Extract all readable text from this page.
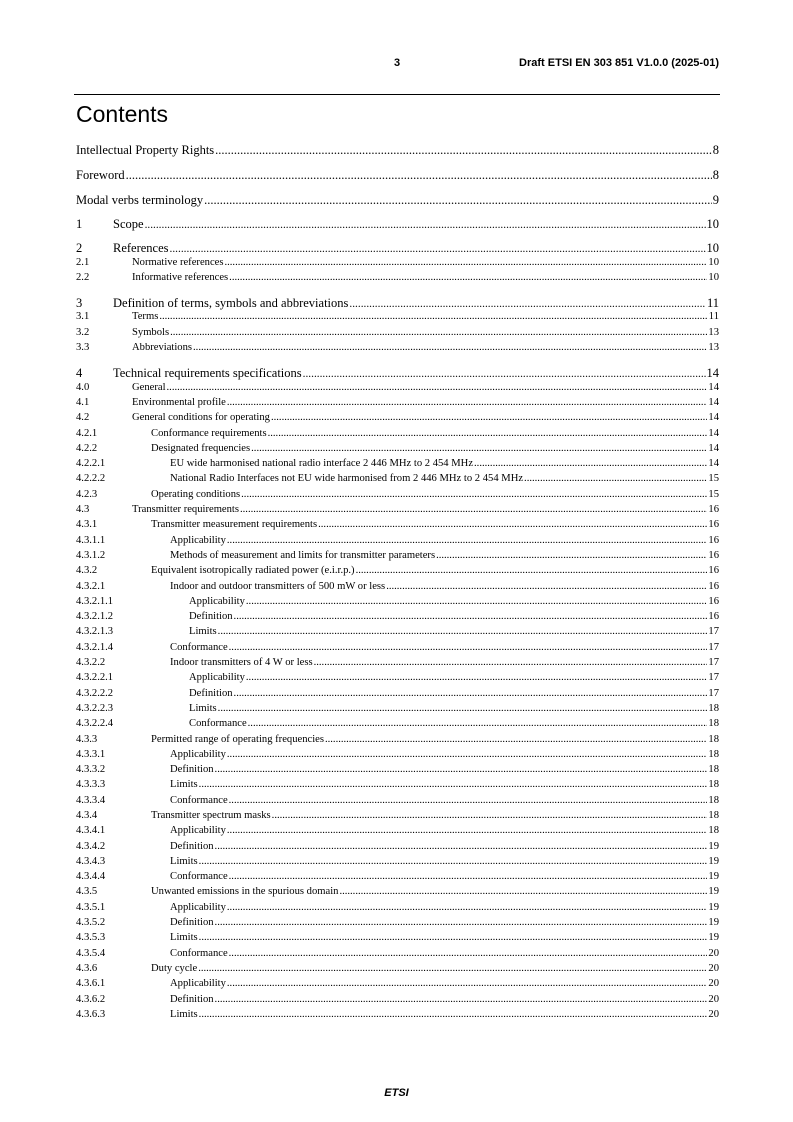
3	Draft ETSI EN 303 851 V1.0.0 (2025-01)
Contents
Intellectual Property Rights .....	8
Foreword .....	8
Modal verbs terminology .....	9
1 Scope .....	10
2 References .....	10
2.1	Normative references .....	10
2.2	Informative references .....	10
3 Definition of terms, symbols and abbreviations .....	11
3.1	Terms .....	11
3.2	Symbols .....	13
3.3	Abbreviations .....	13
4 Technical requirements specifications .....	14
4.0	General .....	14
4.1	Environmental profile .....	14
4.2	General conditions for operating .....	14
4.2.1	Conformance requirements .....	14
4.2.2	Designated frequencies .....	14
4.2.2.1	EU wide harmonised national radio interface 2 446 MHz to 2 454 MHz .....	14
4.2.2.2	National Radio Interfaces not EU wide harmonised from 2 446 MHz to 2 454 MHz .....	15
4.2.3	Operating conditions .....	15
4.3	Transmitter requirements .....	16
4.3.1	Transmitter measurement requirements .....	16
4.3.1.1	Applicability .....	16
4.3.1.2	Methods of measurement and limits for transmitter parameters .....	16
4.3.2	Equivalent isotropically radiated power (e.i.r.p.) .....	16
4.3.2.1	Indoor and outdoor transmitters of 500 mW or less .....	16
4.3.2.1.1	Applicability .....	16
4.3.2.1.2	Definition .....	16
4.3.2.1.3	Limits .....	17
4.3.2.1.4	Conformance .....	17
4.3.2.2	Indoor transmitters of 4 W or less .....	17
4.3.2.2.1	Applicability .....	17
4.3.2.2.2	Definition .....	17
4.3.2.2.3	Limits .....	18
4.3.2.2.4	Conformance .....	18
4.3.3	Permitted range of operating frequencies .....	18
4.3.3.1	Applicability .....	18
4.3.3.2	Definition .....	18
4.3.3.3	Limits .....	18
4.3.3.4	Conformance .....	18
4.3.4	Transmitter spectrum masks .....	18
4.3.4.1	Applicability .....	18
4.3.4.2	Definition .....	19
4.3.4.3	Limits .....	19
4.3.4.4	Conformance .....	19
4.3.5	Unwanted emissions in the spurious domain .....	19
4.3.5.1	Applicability .....	19
4.3.5.2	Definition .....	19
4.3.5.3	Limits .....	19
4.3.5.4	Conformance .....	20
4.3.6	Duty cycle .....	20
4.3.6.1	Applicability .....	20
4.3.6.2	Definition .....	20
4.3.6.3	Limits .....	20
ETSI
